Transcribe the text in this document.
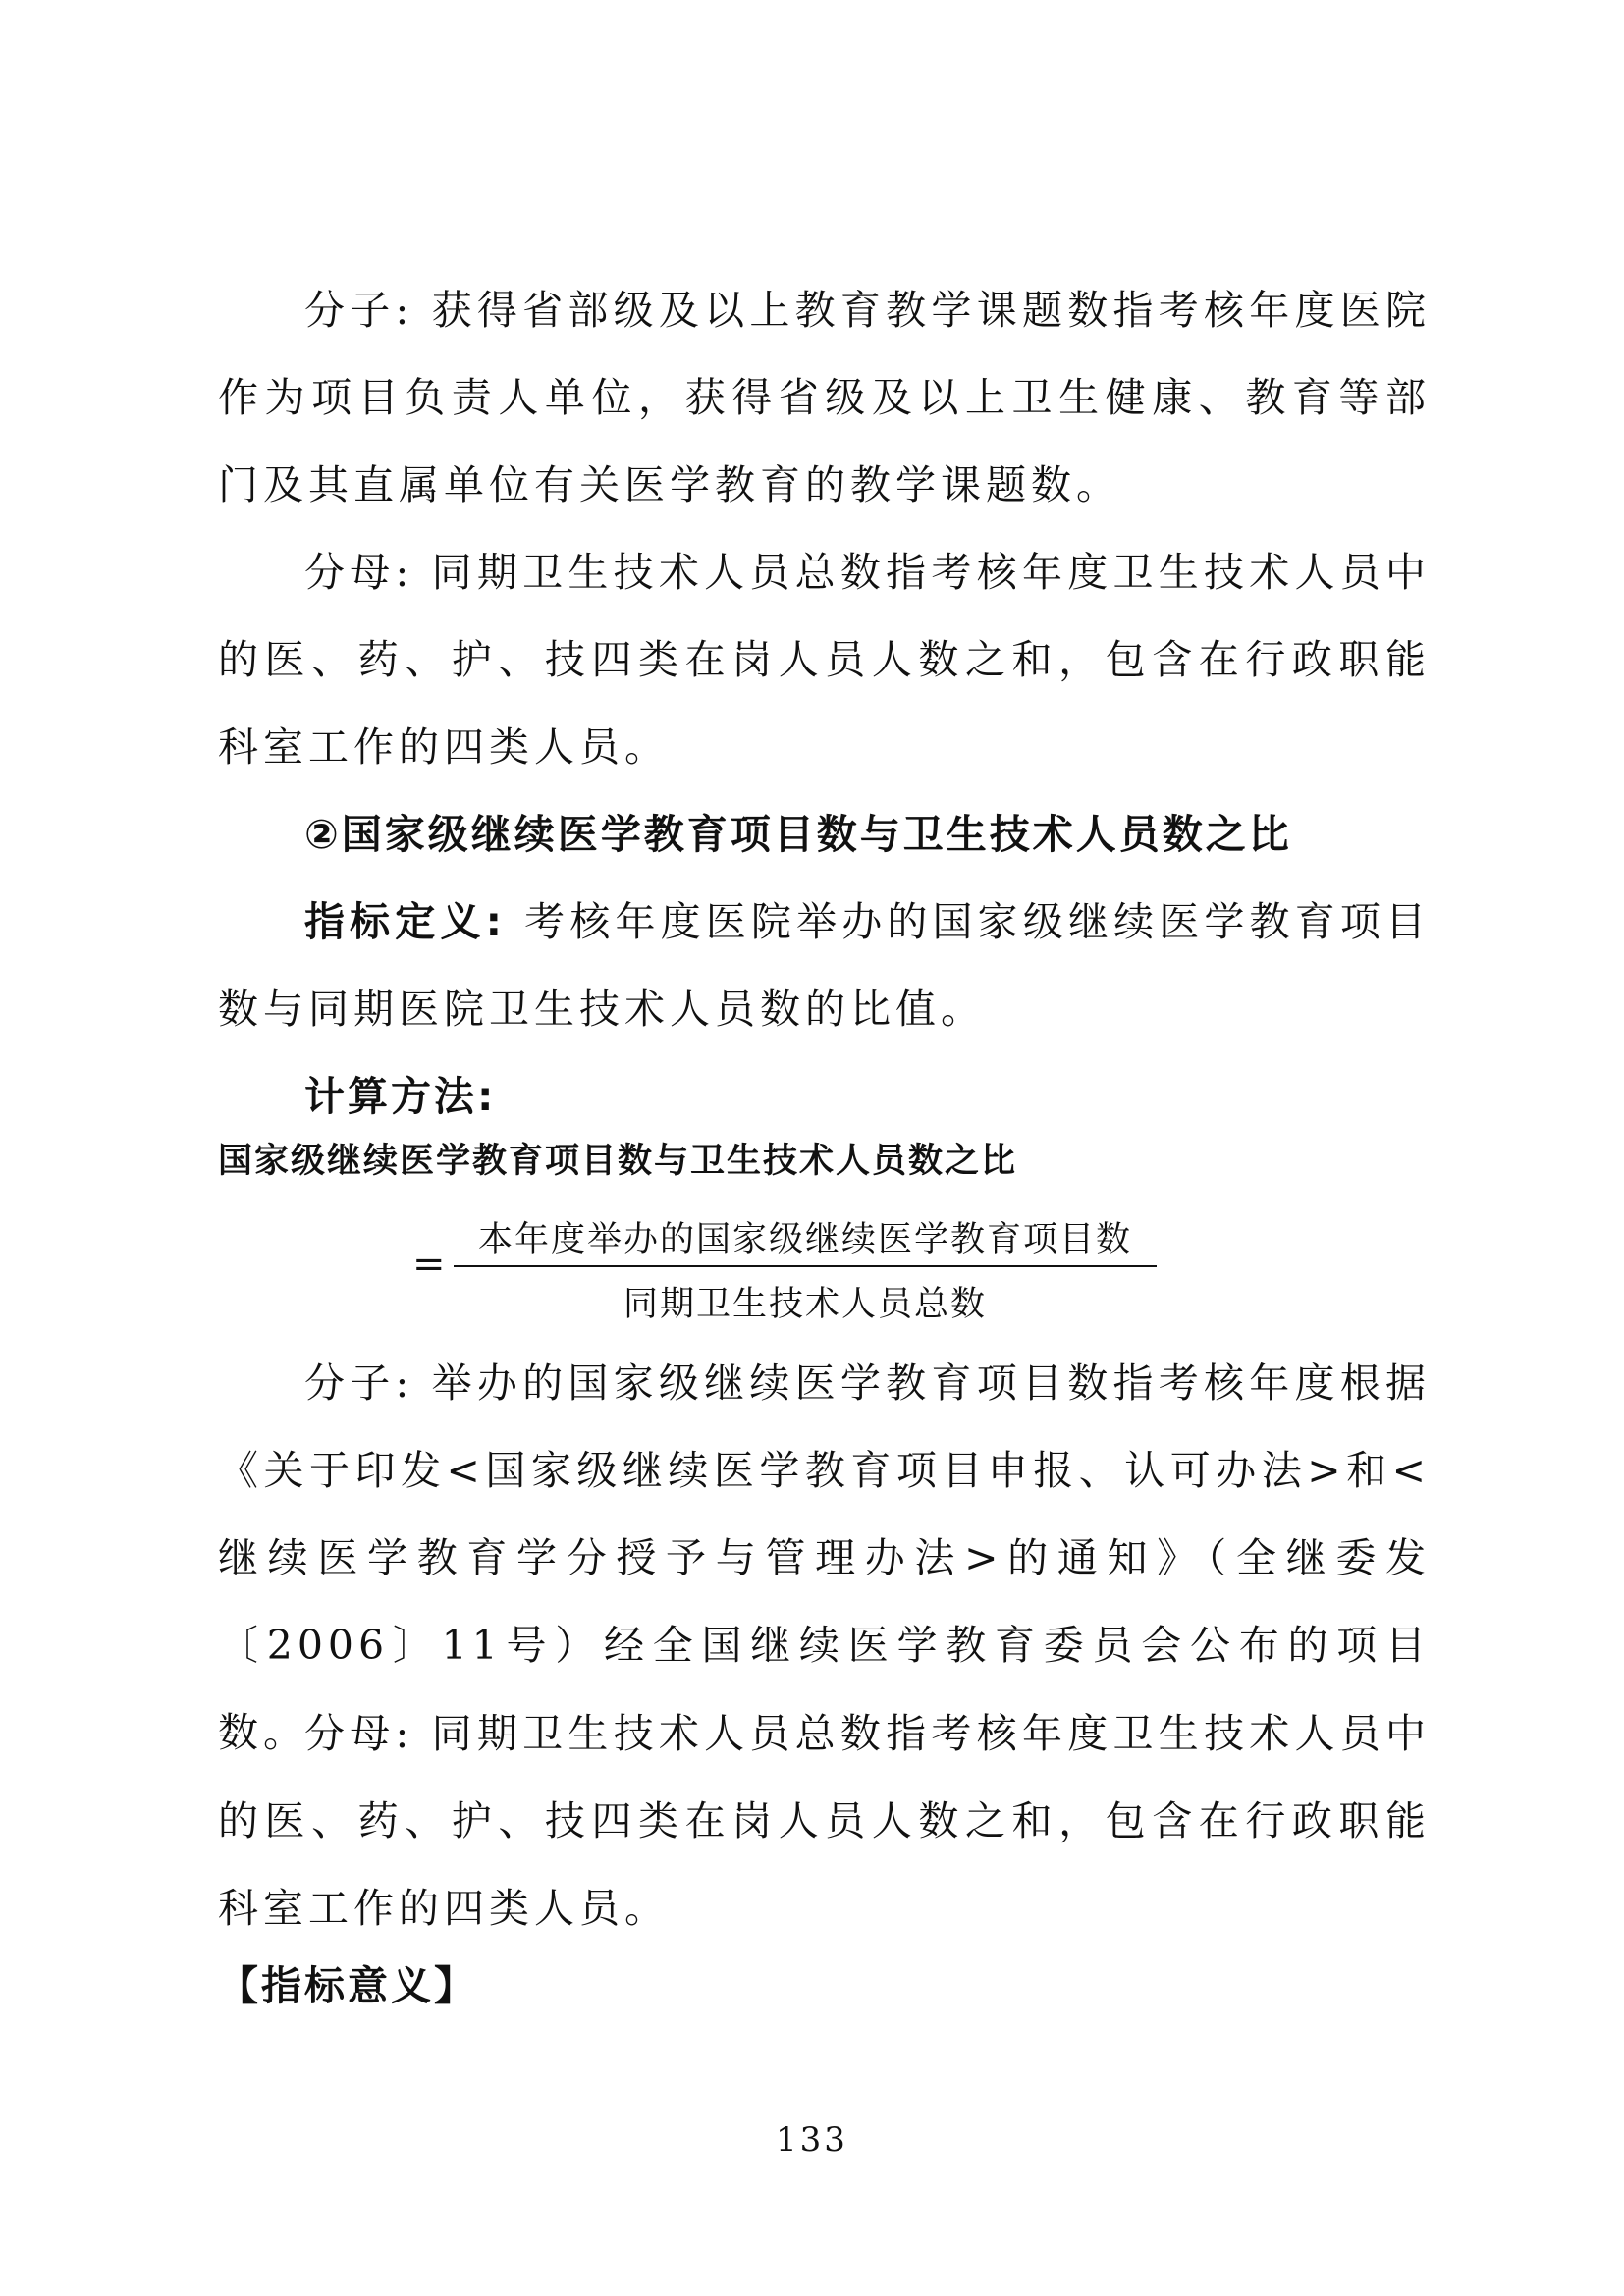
分子: 获得省部级及以上教育教学课题数指考核年度医院作为项目负责人单位，获得省级及以上卫生健康、教育等部门及其直属单位有关医学教育的教学课题数。

分母: 同期卫生技术人员总数指考核年度卫生技术人员中的医、药、护、技四类在岗人员人数之和，包含在行政职能科室工作的四类人员。

②国家级继续医学教育项目数与卫生技术人员数之比

指标定义: 考核年度医院举办的国家级继续医学教育项目数与同期医院卫生技术人员数的比值。

计算方法:

国家级继续医学教育项目数与卫生技术人员数之比
=
本年度举办的国家级继续医学教育项目数
同期卫生技术人员总数

分子: 举办的国家级继续医学教育项目数指考核年度根据《关于印发<国家级继续医学教育项目申报、认可办法>和<继续医学教育学分授予与管理办法>的通知》（全继委发〔2006〕11号）经全国继续医学教育委员会公布的项目数。

分母: 同期卫生技术人员总数指考核年度卫生技术人员中的医、药、护、技四类在岗人员人数之和，包含在行政职能科室工作的四类人员。

【指标意义】
133
